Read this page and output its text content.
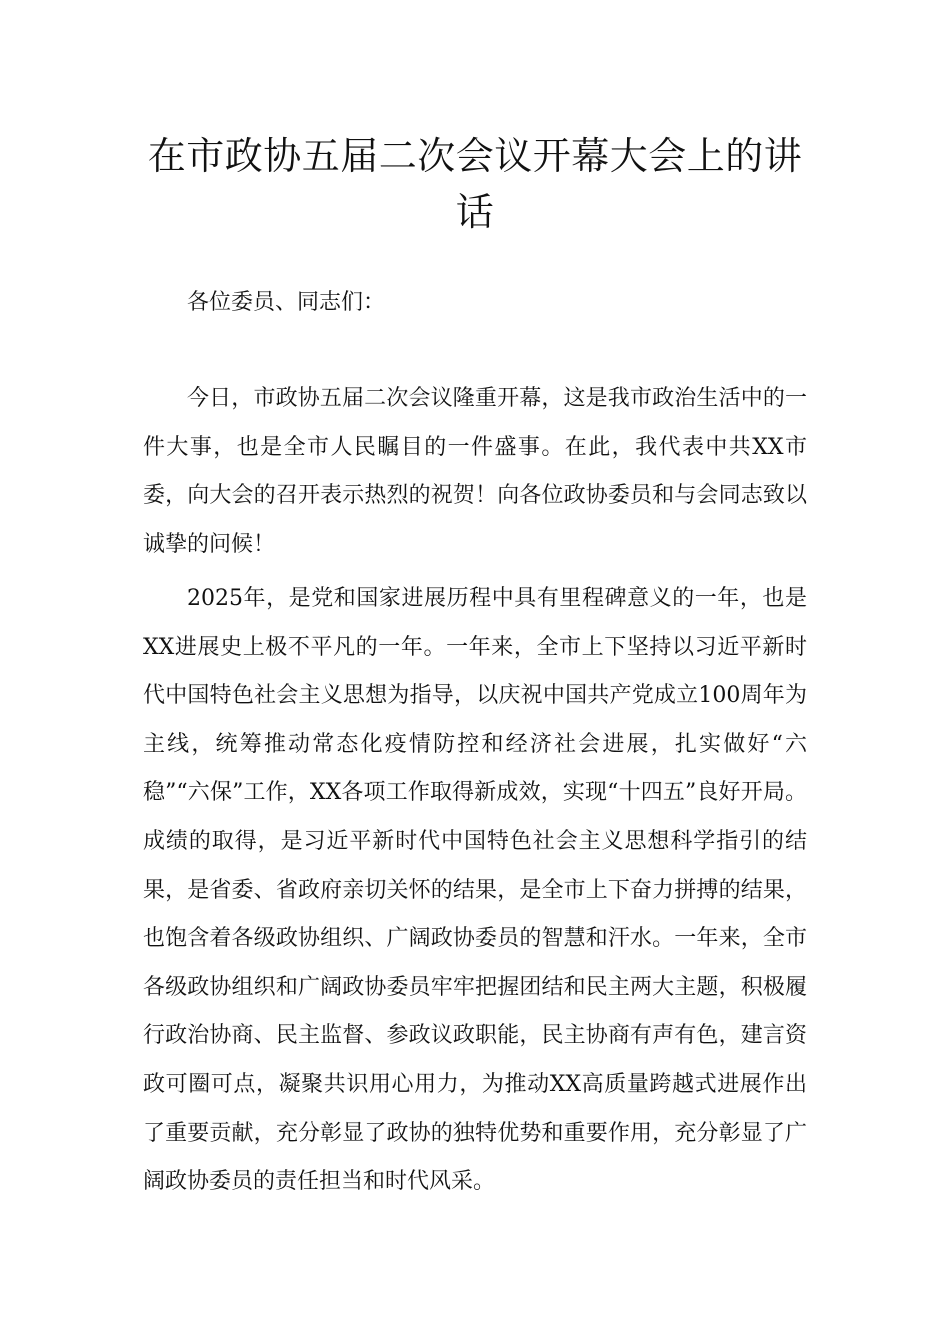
在市政协五届二次会议开幕大会上的讲话

各位委员、同志们：

今日，市政协五届二次会议隆重开幕，这是我市政治生活中的一件大事，也是全市人民瞩目的一件盛事。在此，我代表中共XX市委，向大会的召开表示热烈的祝贺！向各位政协委员和与会同志致以诚挚的问候！

2025年，是党和国家进展历程中具有里程碑意义的一年，也是XX进展史上极不平凡的一年。一年来，全市上下坚持以习近平新时代中国特色社会主义思想为指导，以庆祝中国共产党成立100周年为主线，统筹推动常态化疫情防控和经济社会进展，扎实做好“六稳”“六保”工作，XX各项工作取得新成效，实现“十四五”良好开局。成绩的取得，是习近平新时代中国特色社会主义思想科学指引的结果，是省委、省政府亲切关怀的结果，是全市上下奋力拼搏的结果，也饱含着各级政协组织、广阔政协委员的智慧和汗水。一年来，全市各级政协组织和广阔政协委员牢牢把握团结和民主两大主题，积极履行政治协商、民主监督、参政议政职能，民主协商有声有色，建言资政可圈可点，凝聚共识用心用力，为推动XX高质量跨越式进展作出了重要贡献，充分彰显了政协的独特优势和重要作用，充分彰显了广阔政协委员的责任担当和时代风采。
